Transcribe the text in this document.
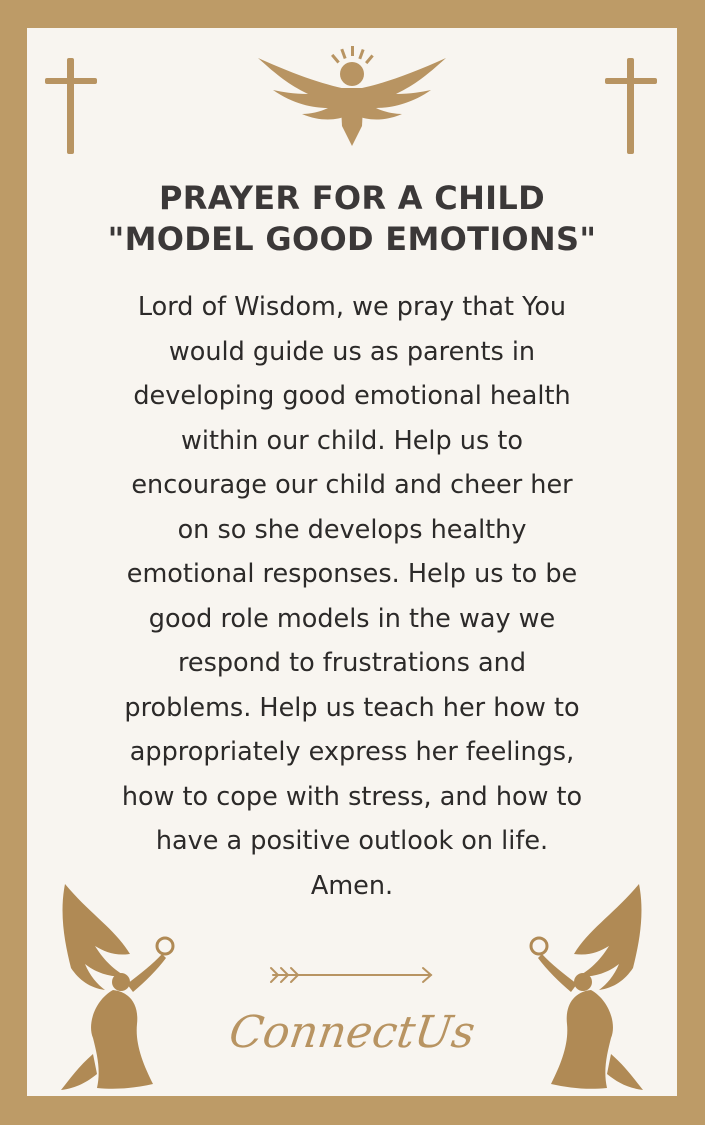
PRAYER FOR A CHILD
"MODEL GOOD EMOTIONS"
Lord of Wisdom, we pray that You
would guide us as parents in
developing good emotional health
within our child. Help us to
encourage our child and cheer her
on so she develops healthy
emotional responses. Help us to be
good role models in the way we
respond to frustrations and
problems. Help us teach her how to
appropriately express her feelings,
how to cope with stress, and how to
have a positive outlook on life.
Amen.
ConnectUs
